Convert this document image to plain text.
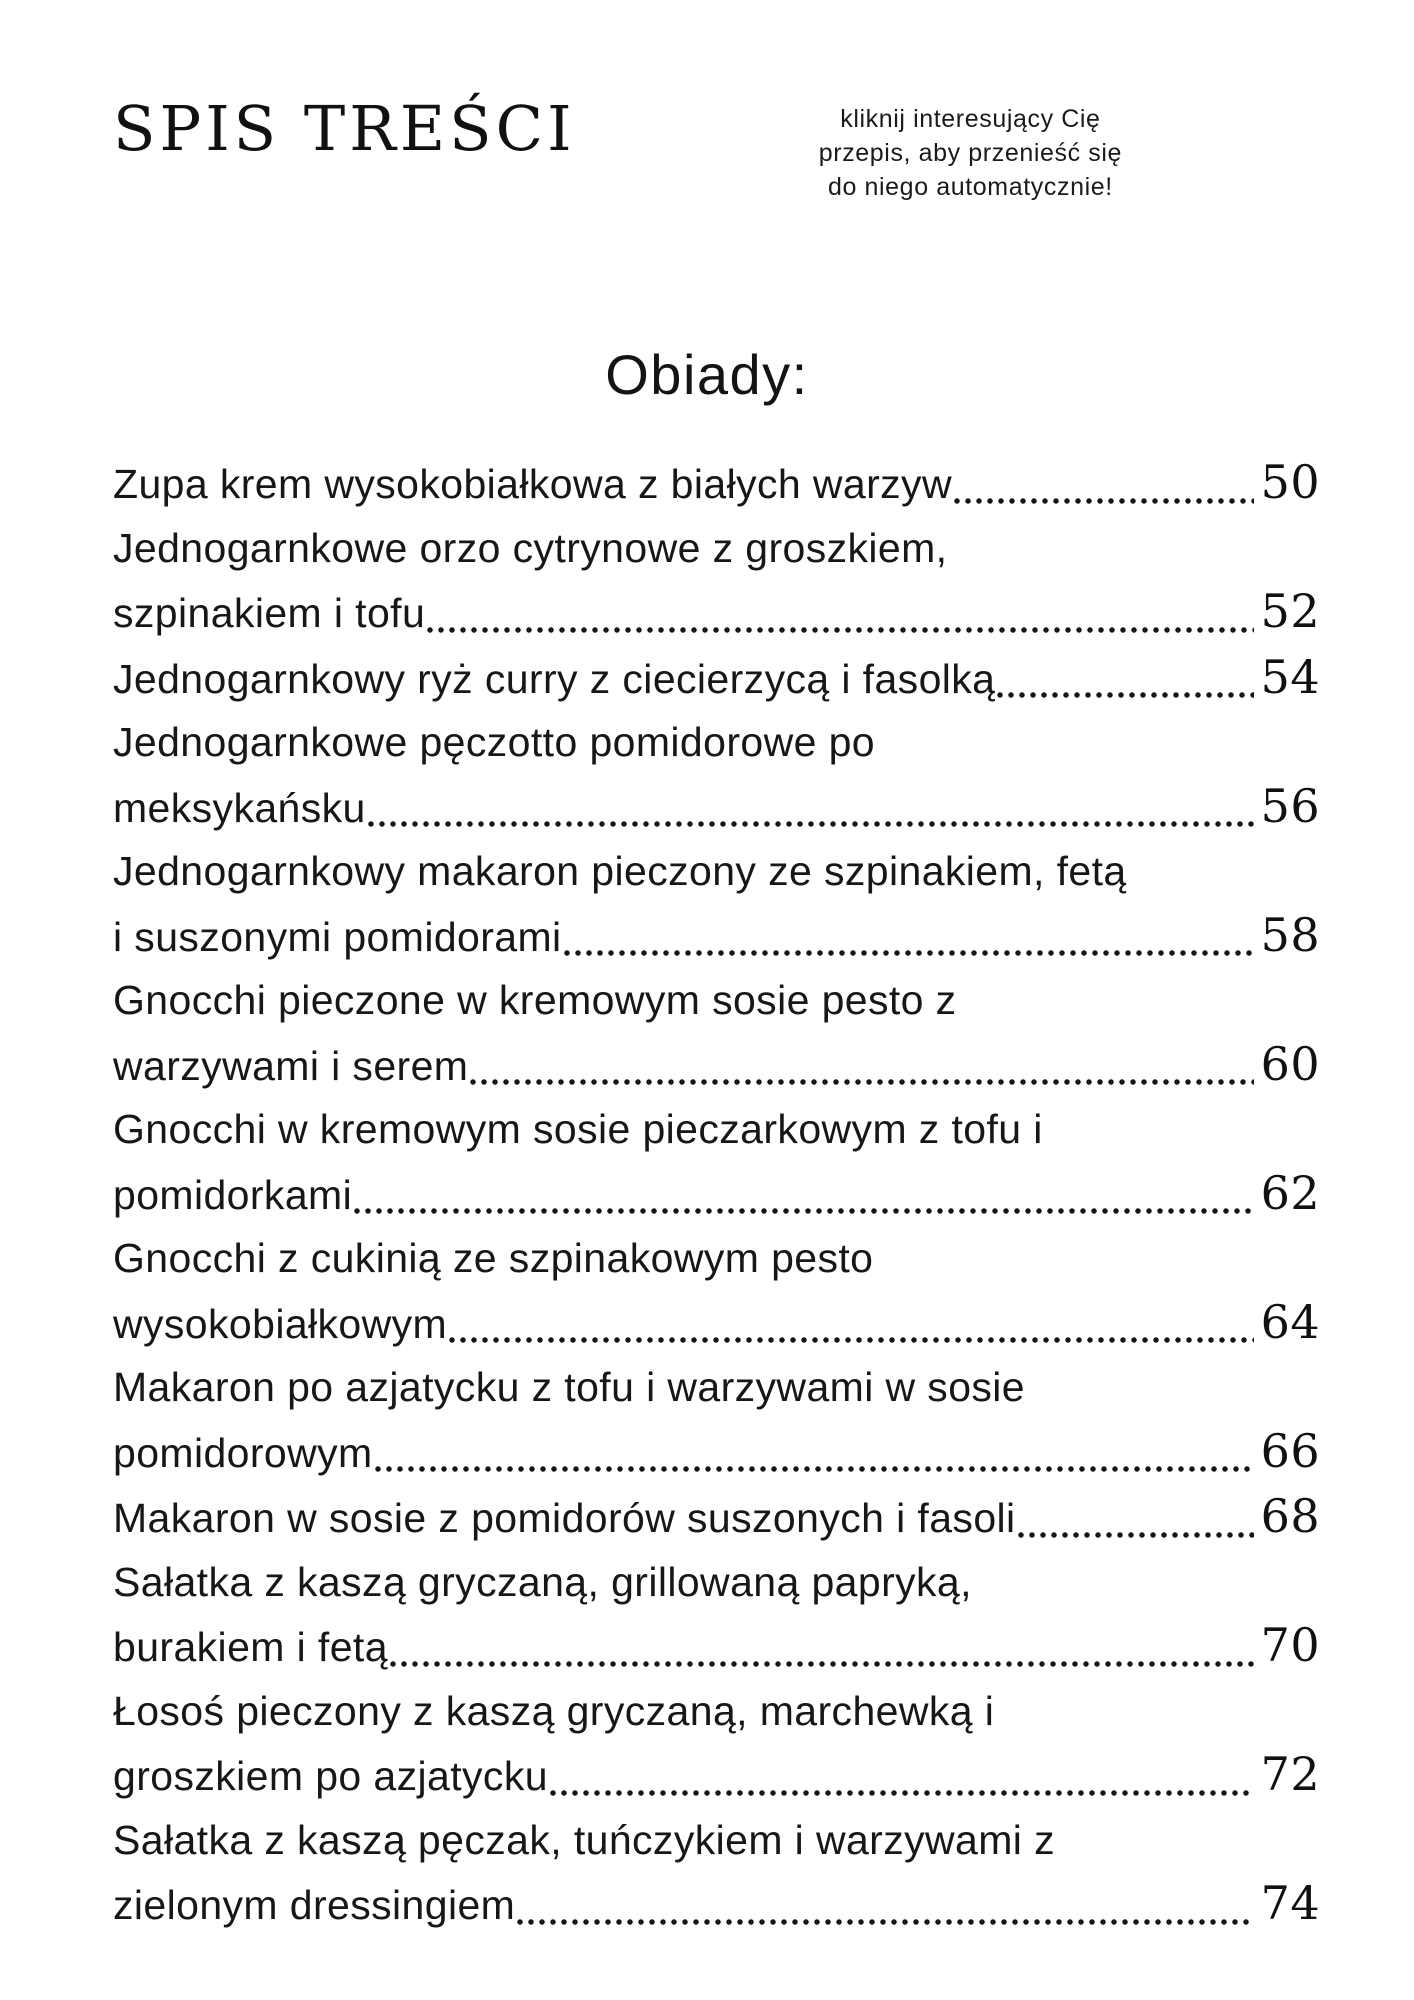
SPIS TREŚCI	kliknij interesujący Cię
przepis, aby przenieść się
do niego automatycznie!

Obiady:
Zupa krem wysokobiałkowa z białych warzyw	50
Jednogarnkowe orzo cytrynowe z groszkiem,
szpinakiem i tofu	52
Jednogarnkowy ryż curry z ciecierzycą i fasolką	54
Jednogarnkowe pęczotto pomidorowe po
meksykańsku	56
Jednogarnkowy makaron pieczony ze szpinakiem, fetą
i suszonymi pomidorami	58
Gnocchi pieczone w kremowym sosie pesto z
warzywami i serem	60
Gnocchi w kremowym sosie pieczarkowym z tofu i
pomidorkami	62
Gnocchi z cukinią ze szpinakowym pesto
wysokobiałkowym	64
Makaron po azjatycku z tofu i warzywami w sosie
pomidorowym	66
Makaron w sosie z pomidorów suszonych i fasoli	68
Sałatka z kaszą gryczaną, grillowaną papryką,
burakiem i fetą	70
Łosoś pieczony z kaszą gryczaną, marchewką i
groszkiem po azjatycku	72
Sałatka z kaszą pęczak, tuńczykiem i warzywami z
zielonym dressingiem	74
